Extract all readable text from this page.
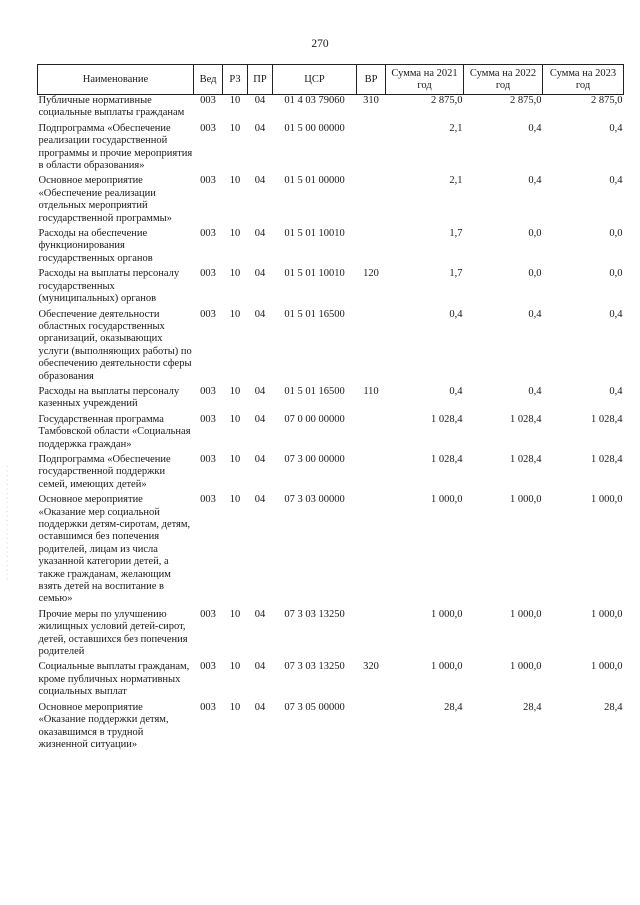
270
· · · · · · · · · · · · · · · · · · · · · · · · · ·
Наименование	Вед	РЗ	ПР	ЦСР	ВР	Сумма на 2021 год	Сумма на 2022 год	Сумма на 2023 год
Публичные нормативные социальные выплаты гражданам	003	10	04	01 4 03 79060	310	2 875,0	2 875,0	2 875,0
Подпрограмма «Обеспечение реализации государственной программы и прочие мероприятия в области образования»	003	10	04	01 5 00 00000		2,1	0,4	0,4
Основное мероприятие «Обеспечение реализации отдельных мероприятий государственной программы»	003	10	04	01 5 01 00000		2,1	0,4	0,4
Расходы на обеспечение функционирования государственных органов	003	10	04	01 5 01 10010		1,7	0,0	0,0
Расходы на выплаты персоналу государственных (муниципальных) органов	003	10	04	01 5 01 10010	120	1,7	0,0	0,0
Обеспечение деятельности областных государственных организаций, оказывающих услуги (выполняющих работы) по обеспечению деятельности сферы образования	003	10	04	01 5 01 16500		0,4	0,4	0,4
Расходы на выплаты персоналу казенных учреждений	003	10	04	01 5 01 16500	110	0,4	0,4	0,4
Государственная программа Тамбовской области «Социальная поддержка граждан»	003	10	04	07 0 00 00000		1 028,4	1 028,4	1 028,4
Подпрограмма «Обеспечение государственной поддержки семей, имеющих детей»	003	10	04	07 3 00 00000		1 028,4	1 028,4	1 028,4
Основное мероприятие «Оказание мер социальной поддержки детям-сиротам, детям, оставшимся без попечения родителей, лицам из числа указанной категории детей, а также гражданам, желающим взять детей на воспитание в семью»	003	10	04	07 3 03 00000		1 000,0	1 000,0	1 000,0
Прочие меры по улучшению жилищных условий детей-сирот, детей, оставшихся без попечения родителей	003	10	04	07 3 03 13250		1 000,0	1 000,0	1 000,0
Социальные выплаты гражданам, кроме публичных нормативных социальных выплат	003	10	04	07 3 03 13250	320	1 000,0	1 000,0	1 000,0
Основное мероприятие «Оказание поддержки детям, оказавшимся в трудной жизненной ситуации»	003	10	04	07 3 05 00000		28,4	28,4	28,4
